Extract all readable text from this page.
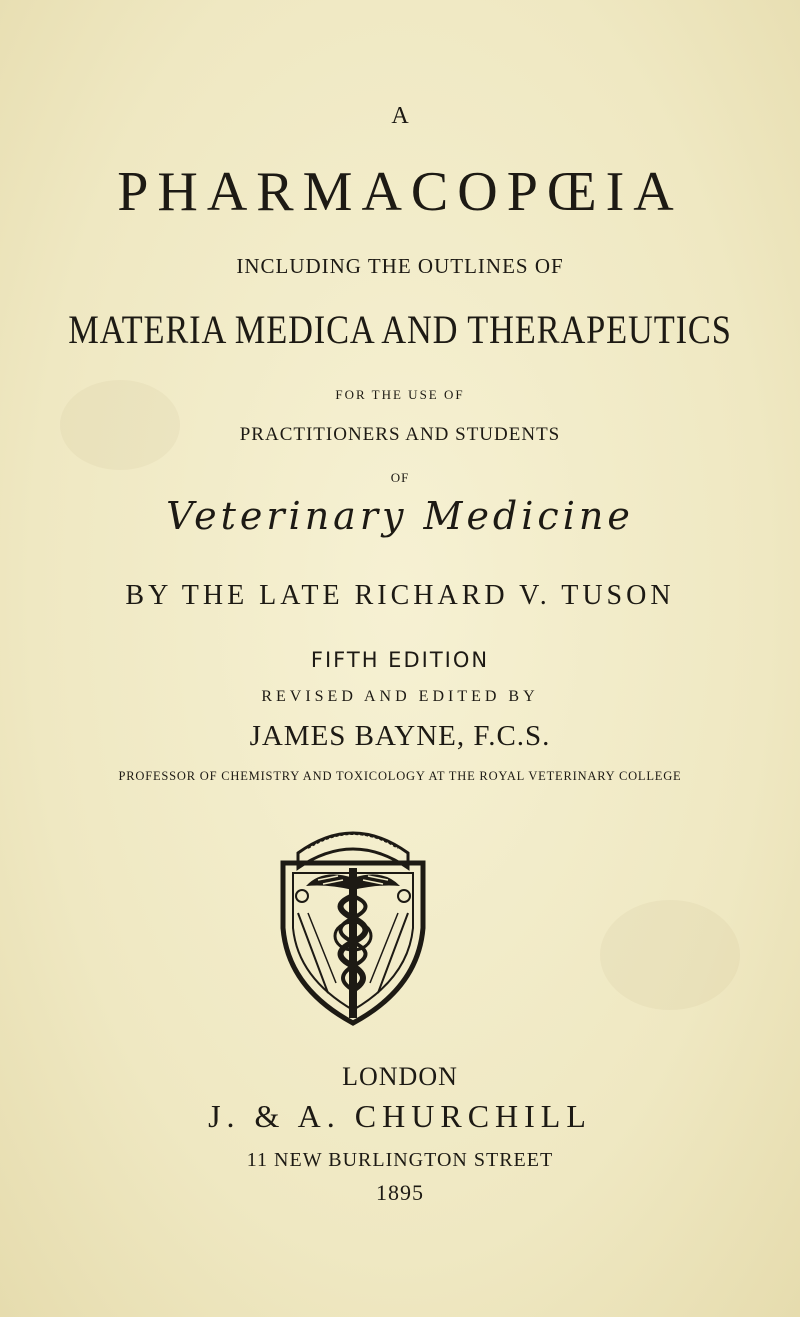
A
PHARMACOPŒIA
INCLUDING THE OUTLINES OF
MATERIA MEDICA AND THERAPEUTICS
FOR THE USE OF
PRACTITIONERS AND STUDENTS
OF
Veterinary Medicine
BY THE LATE RICHARD V. TUSON
FIFTH EDITION
REVISED AND EDITED BY
JAMES BAYNE, F.C.S.
PROFESSOR OF CHEMISTRY AND TOXICOLOGY AT THE ROYAL VETERINARY COLLEGE
LONDON
J. & A. CHURCHILL
11 NEW BURLINGTON STREET
1895
